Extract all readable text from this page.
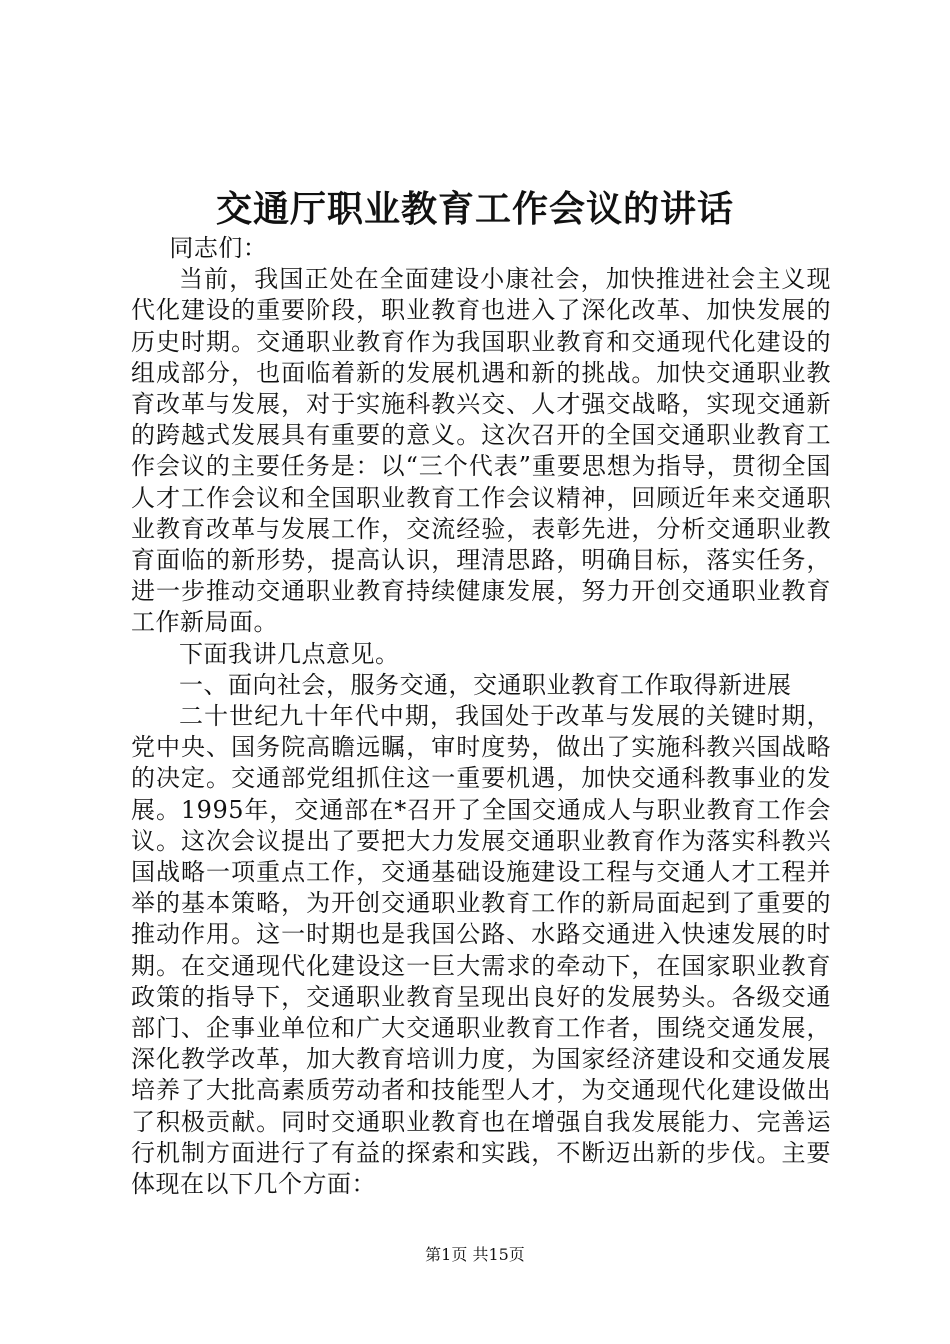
交通厅职业教育工作会议的讲话

同志们：

当前，我国正处在全面建设小康社会，加快推进社会主义现代化建设的重要阶段，职业教育也进入了深化改革、加快发展的历史时期。交通职业教育作为我国职业教育和交通现代化建设的组成部分，也面临着新的发展机遇和新的挑战。加快交通职业教育改革与发展，对于实施科教兴交、人才强交战略，实现交通新的跨越式发展具有重要的意义。这次召开的全国交通职业教育工作会议的主要任务是：以“三个代表”重要思想为指导，贯彻全国人才工作会议和全国职业教育工作会议精神，回顾近年来交通职业教育改革与发展工作，交流经验，表彰先进，分析交通职业教育面临的新形势，提高认识，理清思路，明确目标，落实任务，进一步推动交通职业教育持续健康发展，努力开创交通职业教育工作新局面。

下面我讲几点意见。

一、面向社会，服务交通，交通职业教育工作取得新进展

二十世纪九十年代中期，我国处于改革与发展的关键时期，党中央、国务院高瞻远瞩，审时度势，做出了实施科教兴国战略的决定。交通部党组抓住这一重要机遇，加快交通科教事业的发展。1995年，交通部在*召开了全国交通成人与职业教育工作会议。这次会议提出了要把大力发展交通职业教育作为落实科教兴国战略一项重点工作，交通基础设施建设工程与交通人才工程并举的基本策略，为开创交通职业教育工作的新局面起到了重要的推动作用。这一时期也是我国公路、水路交通进入快速发展的时期。在交通现代化建设这一巨大需求的牵动下，在国家职业教育政策的指导下，交通职业教育呈现出良好的发展势头。各级交通部门、企事业单位和广大交通职业教育工作者，围绕交通发展，深化教学改革，加大教育培训力度，为国家经济建设和交通发展培养了大批高素质劳动者和技能型人才，为交通现代化建设做出了积极贡献。同时交通职业教育也在增强自我发展能力、完善运行机制方面进行了有益的探索和实践，不断迈出新的步伐。主要体现在以下几个方面：

第1页 共15页
